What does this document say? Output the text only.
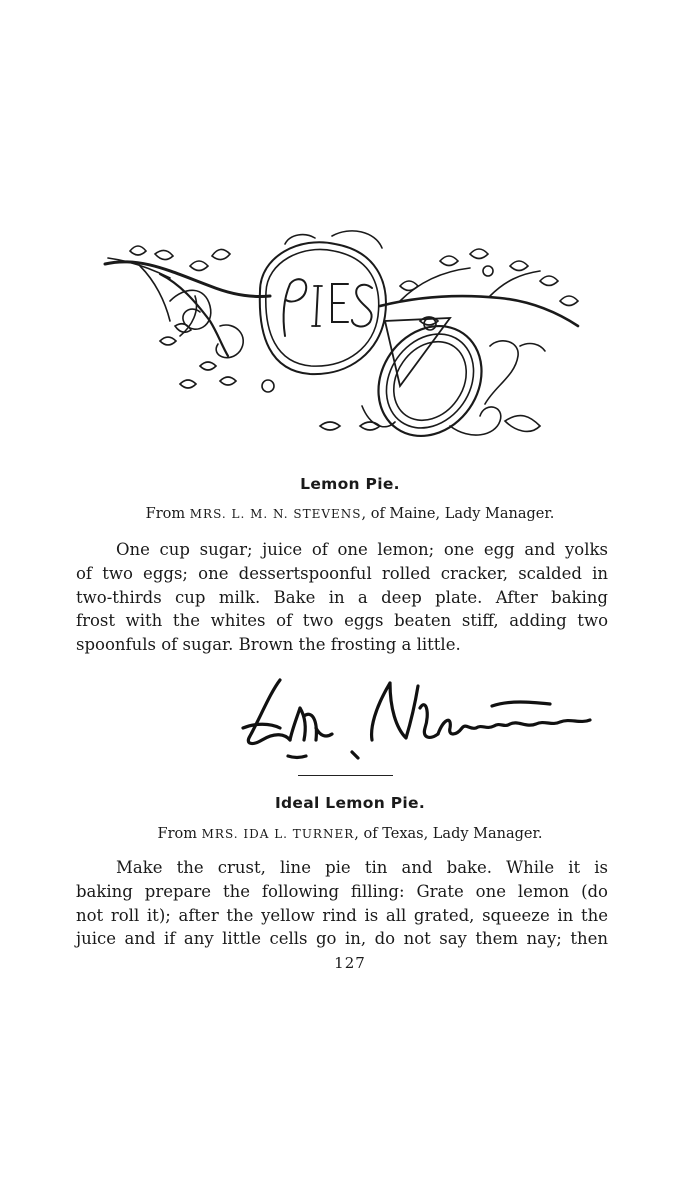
Lemon Pie.
From MRS. L. M. N. STEVENS, of Maine, Lady Manager.
One cup sugar; juice of one lemon; one egg and yolks
of two eggs; one dessertspoonful rolled cracker, scalded in
two-thirds cup milk. Bake in a deep plate. After baking
frost with the whites of two eggs beaten stiff, adding two
spoonfuls of sugar. Brown the frosting a little.
Ideal Lemon Pie.
From MRS. IDA L. TURNER, of Texas, Lady Manager.
Make the crust, line pie tin and bake. While it is
baking prepare the following filling: Grate one lemon (do
not roll it); after the yellow rind is all grated, squeeze in the
juice and if any little cells go in, do not say them nay; then
127
